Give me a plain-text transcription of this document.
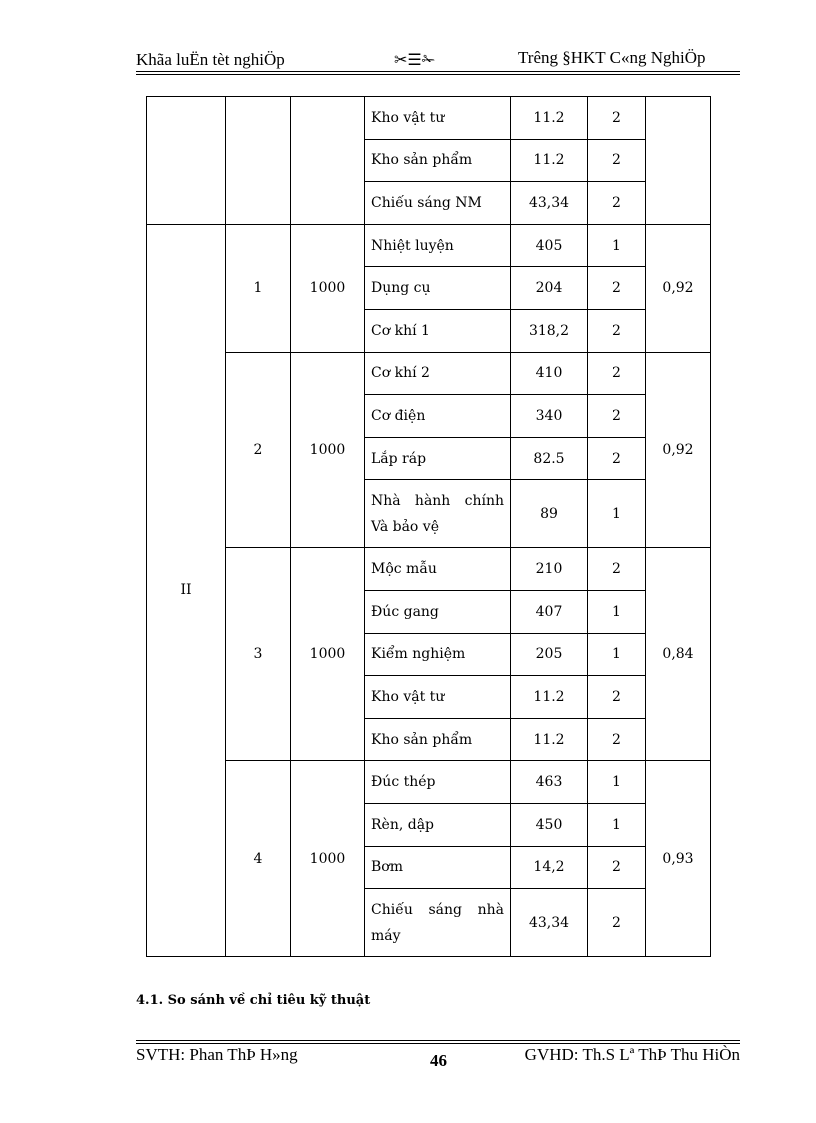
Khãa luËn tèt nghiÖp	✂☰✁	Trêng §HKT C«ng NghiÖp
			Kho vật tư	11.2	2	
			Kho sản phẩm	11.2	2	
			Chiếu sáng NM	43,34	2	
II	1	1000	Nhiệt luyện	405	1	0,92
			Dụng cụ	204	2	
			Cơ khí 1	318,2	2	
	2	1000	Cơ khí 2	410	2	0,92
			Cơ điện	340	2	
			Lắp ráp	82.5	2	
			Nhà hành chính Và bảo vệ	89	1	
	3	1000	Mộc mẫu	210	2	0,84
			Đúc gang	407	1	
			Kiểm nghiệm	205	1	
			Kho vật tư	11.2	2	
			Kho sản phẩm	11.2	2	
	4	1000	Đúc thép	463	1	0,93
			Rèn, dập	450	1	
			Bơm	14,2	2	
			Chiếu sáng nhà máy	43,34	2	
4.1. So sánh về chỉ tiêu kỹ thuật
SVTH: Phan ThÞ H»ng	46	GVHD: Th.S Lª ThÞ Thu HiÒn
